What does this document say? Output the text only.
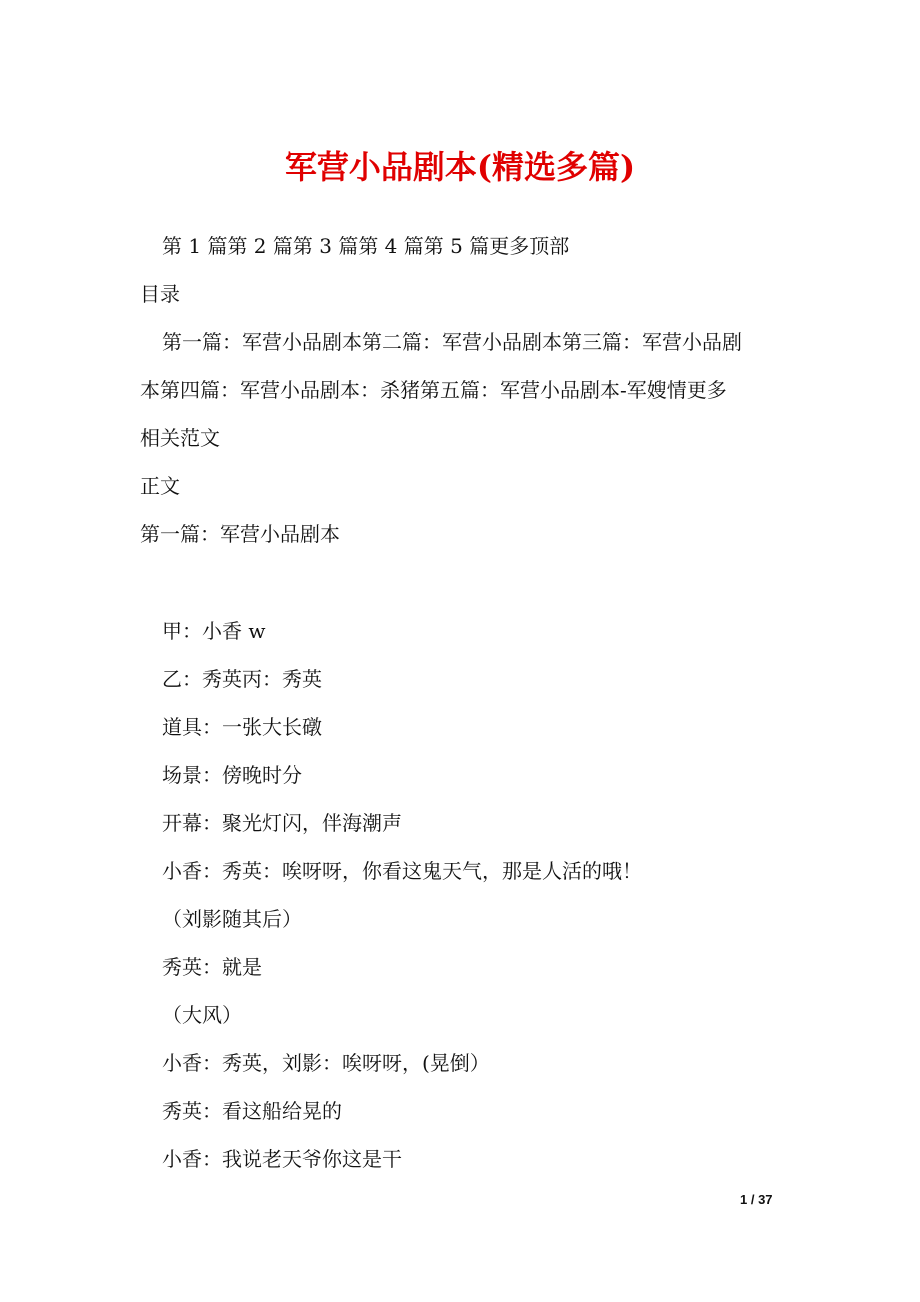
军营小品剧本(精选多篇)
第 1 篇第 2 篇第 3 篇第 4 篇第 5 篇更多顶部
目录
第一篇：军营小品剧本第二篇：军营小品剧本第三篇：军营小品剧
本第四篇：军营小品剧本：杀猪第五篇：军营小品剧本-军嫂情更多
相关范文
正文
第一篇：军营小品剧本
甲：小香 w
乙：秀英丙：秀英
道具：一张大长礅
场景：傍晚时分
开幕：聚光灯闪，伴海潮声
小香：秀英：唉呀呀，你看这鬼天气，那是人活的哦！
（刘影随其后）
秀英：就是
（大风）
小香：秀英，刘影：唉呀呀，(晃倒）
秀英：看这船给晃的
小香：我说老天爷你这是干
1 / 37
